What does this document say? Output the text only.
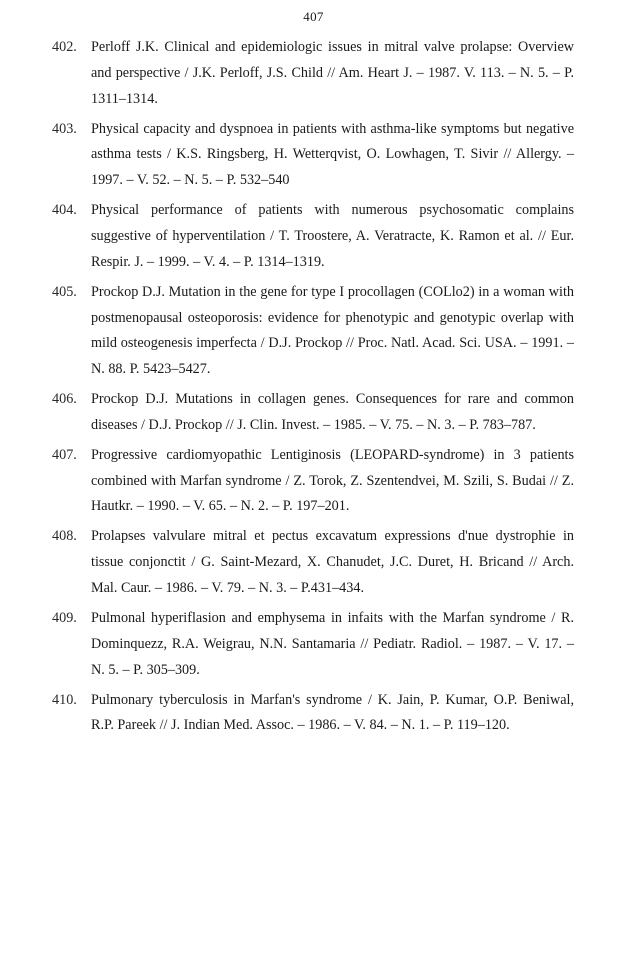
407
402. Perloff J.K. Clinical and epidemiologic issues in mitral valve prolapse: Overview and perspective / J.K. Perloff, J.S. Child // Am. Heart J. – 1987. V. 113. – N. 5. – P. 1311–1314.
403. Physical capacity and dyspnoea in patients with asthma-like symptoms but negative asthma tests / K.S. Ringsberg, H. Wetterqvist, O. Lowhagen, T. Sivir // Allergy. – 1997. – V. 52. – N. 5. – P. 532–540
404. Physical performance of patients with numerous psychosomatic complains suggestive of hyperventilation / T. Troostere, A. Veratracte, K. Ramon et al. // Eur. Respir. J. – 1999. – V. 4. – P. 1314–1319.
405. Prockop D.J. Mutation in the gene for type I procollagen (COLlo2) in a woman with postmenopausal osteoporosis: evidence for phenotypic and genotypic overlap with mild osteogenesis imperfecta / D.J. Prockop // Proc. Natl. Acad. Sci. USA. – 1991. – N. 88. P. 5423–5427.
406. Prockop D.J. Mutations in collagen genes. Consequences for rare and common diseases / D.J. Prockop // J. Clin. Invest. – 1985. – V. 75. – N. 3. – P. 783–787.
407. Progressive cardiomyopathic Lentiginosis (LEOPARD-syndrome) in 3 patients combined with Marfan syndrome / Z. Torok, Z. Szentendvei, M. Szili, S. Budai // Z. Hautkr. – 1990. – V. 65. – N. 2. – P. 197–201.
408. Prolapses valvulare mitral et pectus excavatum expressions d'nue dystrophie in tissue conjonctit / G. Saint-Mezard, X. Chanudet, J.C. Duret, H. Bricand // Arch. Mal. Caur. – 1986. – V. 79. – N. 3. – P.431–434.
409. Pulmonal hyperiflasion and emphysema in infaits with the Marfan syndrome / R. Dominquezz, R.A. Weigrau, N.N. Santamaria // Pediatr. Radiol. – 1987. – V. 17. – N. 5. – P. 305–309.
410. Pulmonary tyberculosis in Marfan's syndrome / K. Jain, P. Kumar, O.P. Beniwal, R.P. Pareek // J. Indian Med. Assoc. – 1986. – V. 84. – N. 1. – P. 119–120.
